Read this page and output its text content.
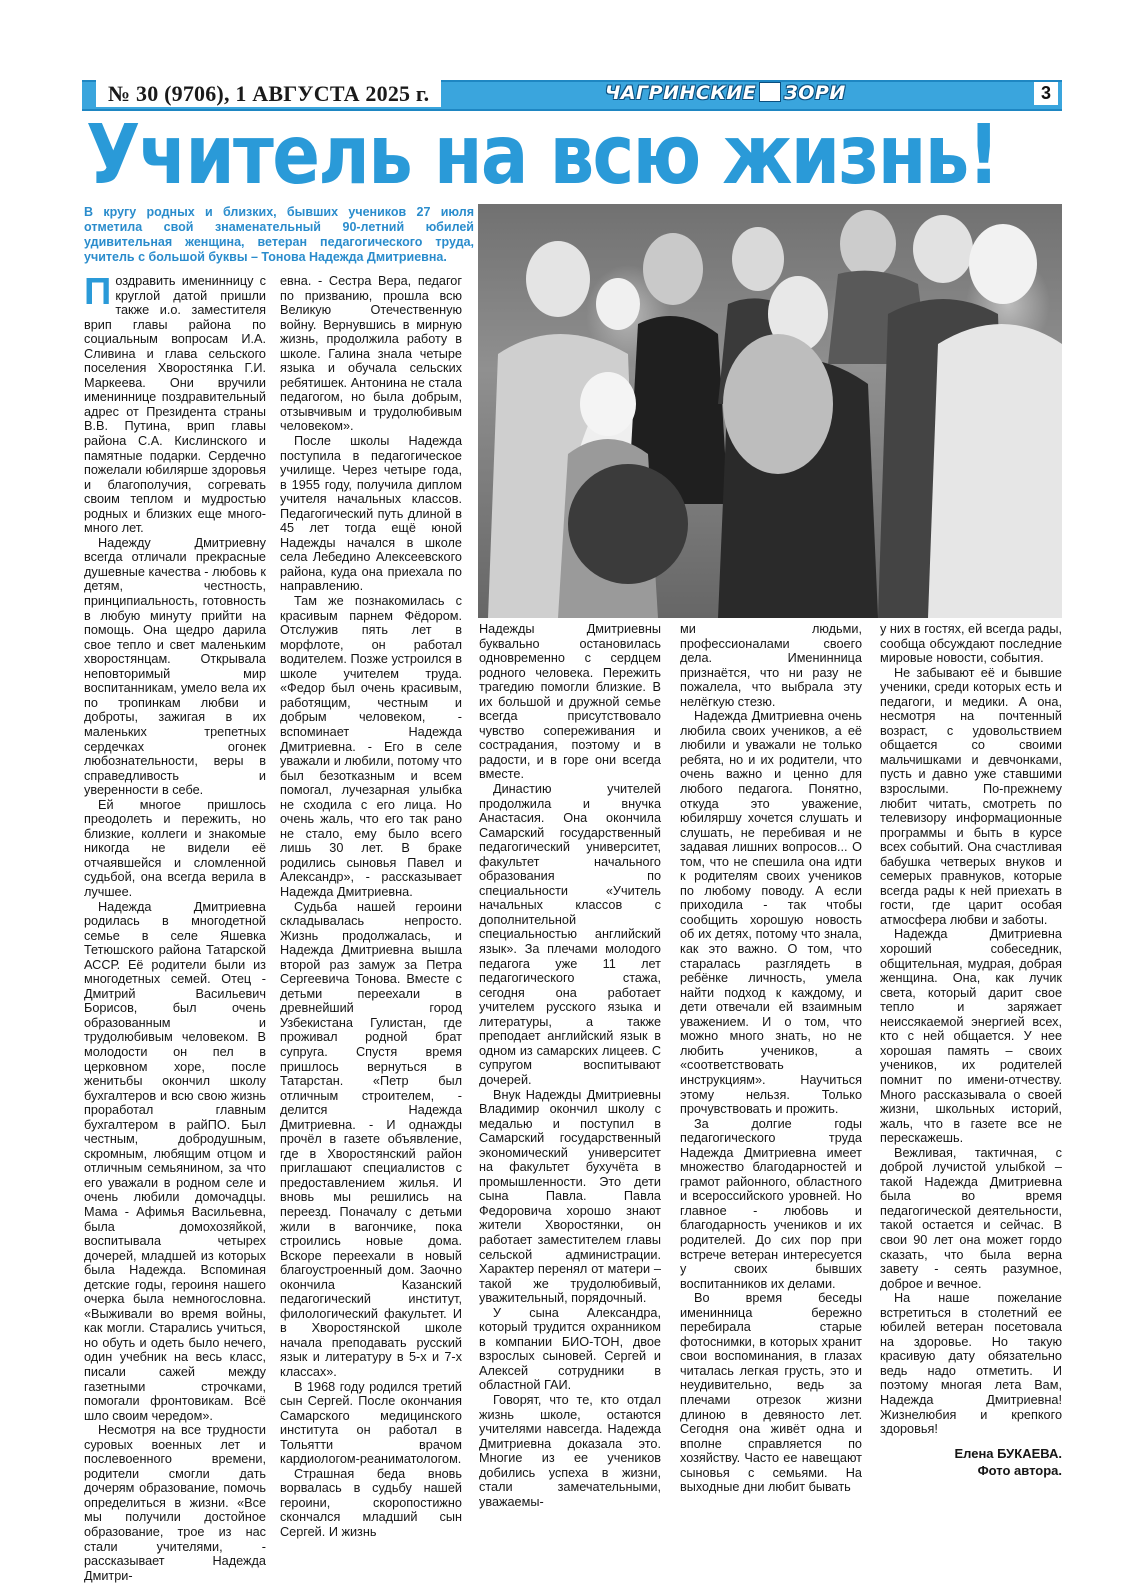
№ 30 (9706), 1 АВГУСТА 2025 г.	ЧАГРИНСКИЕ ЗОРИ	3
Учитель на всю жизнь!
В кругу родных и близких, бывших учеников 27 июля отметила свой знаменательный 90-летний юбилей удивительная женщина, ветеран педагогического труда, учитель с большой буквы – Тонова Надежда Дмитриевна.

Поздравить именинницу с круглой датой пришли также и.о. заместителя врип главы района по социальным вопросам И.А. Сливина и глава сельского поселения Хворостянка Г.И. Маркеева. Они вручили имениннице поздравительный адрес от Президента страны В.В. Путина, врип главы района С.А. Кислинского и памятные подарки. Сердечно пожелали юбилярше здоровья и благополучия, согревать своим теплом и мудростью родных и близких еще много-много лет.

Надежду Дмитриевну всегда отличали прекрасные душевные качества - любовь к детям, честность, принципиальность, готовность в любую минуту прийти на помощь. Она щедро дарила свое тепло и свет маленьким хворостянцам. Открывала неповторимый мир воспитанникам, умело вела их по тропинкам любви и доброты, зажигая в их маленьких трепетных сердечках огонек любознательности, веры в справедливость и уверенности в себе.

Ей многое пришлось преодолеть и пережить, но близкие, коллеги и знакомые никогда не видели её отчаявшейся и сломленной судьбой, она всегда верила в лучшее.

Надежда Дмитриевна родилась в многодетной семье в селе Яшевка Тетюшского района Татарской АССР. Её родители были из многодетных семей. Отец - Дмитрий Васильевич Борисов, был очень образованным и трудолюбивым человеком. В молодости он пел в церковном хоре, после женитьбы окончил школу бухгалтеров и всю свою жизнь проработал главным бухгалтером в райПО. Был честным, добродушным, скромным, любящим отцом и отличным семьянином, за что его уважали в родном селе и очень любили домочадцы. Мама - Афимья Васильевна, была домохозяйкой, воспитывала четырех дочерей, младшей из которых была Надежда. Вспоминая детские годы, героиня нашего очерка была немногословна. «Выживали во время войны, как могли. Старались учиться, но обуть и одеть было нечего, один учебник на весь класс, писали сажей между газетными строчками, помогали фронтовикам. Всё шло своим чередом».

Несмотря на все трудности суровых военных лет и послевоенного времени, родители смогли дать дочерям образование, помочь определиться в жизни. «Все мы получили достойное образование, трое из нас стали учителями, - рассказывает Надежда Дмитри-

евна. - Сестра Вера, педагог по призванию, прошла всю Великую Отечественную войну. Вернувшись в мирную жизнь, продолжила работу в школе. Галина знала четыре языка и обучала сельских ребятишек. Антонина не стала педагогом, но была добрым, отзывчивым и трудолюбивым человеком».

После школы Надежда поступила в педагогическое училище. Через четыре года, в 1955 году, получила диплом учителя начальных классов. Педагогический путь длиной в 45 лет тогда ещё юной Надежды начался в школе села Лебедино Алексеевского района, куда она приехала по направлению.

Там же познакомилась с красивым парнем Фёдором. Отслужив пять лет в морфлоте, он работал водителем. Позже устроился в школе учителем труда. «Федор был очень красивым, работящим, честным и добрым человеком, - вспоминает Надежда Дмитриевна. - Его в селе уважали и любили, потому что был безотказным и всем помогал, лучезарная улыбка не сходила с его лица. Но очень жаль, что его так рано не стало, ему было всего лишь 30 лет. В браке родились сыновья Павел и Александр», - рассказывает Надежда Дмитриевна.

Судьба нашей героини складывалась непросто. Жизнь продолжалась, и Надежда Дмитриевна вышла второй раз замуж за Петра Сергеевича Тонова. Вместе с детьми переехали в древнейший город Узбекистана Гулистан, где проживал родной брат супруга. Спустя время пришлось вернуться в Татарстан. «Петр был отличным строителем, - делится Надежда Дмитриевна. - И однажды прочёл в газете объявление, где в Хворостянский район приглашают специалистов с предоставлением жилья. И вновь мы решились на переезд. Поначалу с детьми жили в вагончике, пока строились новые дома. Вскоре переехали в новый благоустроенный дом. Заочно окончила Казанский педагогический институт, филологический факультет. И в Хворостянской школе начала преподавать русский язык и литературу в 5-х и 7-х классах».

В 1968 году родился третий сын Сергей. После окончания Самарского медицинского института он работал в Тольятти врачом кардиологом-реаниматологом.

Страшная беда вновь ворвалась в судьбу нашей героини, скоропостижно скончался младший сын Сергей. И жизнь

Надежды Дмитриевны буквально остановилась одновременно с сердцем родного человека. Пережить трагедию помогли близкие. В их большой и дружной семье всегда присутствовало чувство сопереживания и сострадания, поэтому и в радости, и в горе они всегда вместе.

Династию учителей продолжила и внучка Анастасия. Она окончила Самарский государственный педагогический университет, факультет начального образования по специальности «Учитель начальных классов с дополнительной специальностью английский язык». За плечами молодого педагога уже 11 лет педагогического стажа, сегодня она работает учителем русского языка и литературы, а также преподает английский язык в одном из самарских лицеев. С супругом воспитывают дочерей.

Внук Надежды Дмитриевны Владимир окончил школу с медалью и поступил в Самарский государственный экономический университет на факультет бухучёта в промышленности. Это дети сына Павла. Павла Федоровича хорошо знают жители Хворостянки, он работает заместителем главы сельской администрации. Характер перенял от матери – такой же трудолюбивый, уважительный, порядочный.

У сына Александра, который трудится охранником в компании БИО-ТОН, двое взрослых сыновей. Сергей и Алексей сотрудники в областной ГАИ.

Говорят, что те, кто отдал жизнь школе, остаются учителями навсегда. Надежда Дмитриевна доказала это. Многие из ее учеников добились успеха в жизни, стали замечательными, уважаемы-

ми людьми, профессионалами своего дела. Именинница признаётся, что ни разу не пожалела, что выбрала эту нелёгкую стезю.

Надежда Дмитриевна очень любила своих учеников, а её любили и уважали не только ребята, но и их родители, что очень важно и ценно для любого педагога. Понятно, откуда это уважение, юбиляршу хочется слушать и слушать, не перебивая и не задавая лишних вопросов... О том, что не спешила она идти к родителям своих учеников по любому поводу. А если приходила - так чтобы сообщить хорошую новость об их детях, потому что знала, как это важно. О том, что старалась разглядеть в ребёнке личность, умела найти подход к каждому, и дети отвечали ей взаимным уважением. И о том, что можно много знать, но не любить учеников, а «соответствовать инструкциям». Научиться этому нельзя. Только прочувствовать и прожить.

За долгие годы педагогического труда Надежда Дмитриевна имеет множество благодарностей и грамот районного, областного и всероссийского уровней. Но главное - любовь и благодарность учеников и их родителей. До сих пор при встрече ветеран интересуется у своих бывших воспитанников их делами.

Во время беседы именинница бережно перебирала старые фотоснимки, в которых хранит свои воспоминания, в глазах читалась легкая грусть, это и неудивительно, ведь за плечами отрезок жизни длиною в девяносто лет. Сегодня она живёт одна и вполне справляется по хозяйству. Часто ее навещают сыновья с семьями. На выходные дни любит бывать

у них в гостях, ей всегда рады, сообща обсуждают последние мировые новости, события.

Не забывают её и бывшие ученики, среди которых есть и педагоги, и медики. А она, несмотря на почтенный возраст, с удовольствием общается со своими мальчишками и девчонками, пусть и давно уже ставшими взрослыми. По-прежнему любит читать, смотреть по телевизору информационные программы и быть в курсе всех событий. Она счастливая бабушка четверых внуков и семерых правнуков, которые всегда рады к ней приехать в гости, где царит особая атмосфера любви и заботы.

Надежда Дмитриевна хороший собеседник, общительная, мудрая, добрая женщина. Она, как лучик света, который дарит свое тепло и заряжает неиссякаемой энергией всех, кто с ней общается. У нее хорошая память – своих учеников, их родителей помнит по имени-отчеству. Много рассказывала о своей жизни, школьных историй, жаль, что в газете все не перескажешь.

Вежливая, тактичная, с доброй лучистой улыбкой – такой Надежда Дмитриевна была во время педагогической деятельности, такой остается и сейчас. В свои 90 лет она может гордо сказать, что была верна завету - сеять разумное, доброе и вечное.

На наше пожелание встретиться в столетний ее юбилей ветеран посетовала на здоровье. Но такую красивую дату обязательно ведь надо отметить. И поэтому многая лета Вам, Надежда Дмитриевна! Жизнелюбия и крепкого здоровья!

Елена БУКАЕВА.
Фото автора.
